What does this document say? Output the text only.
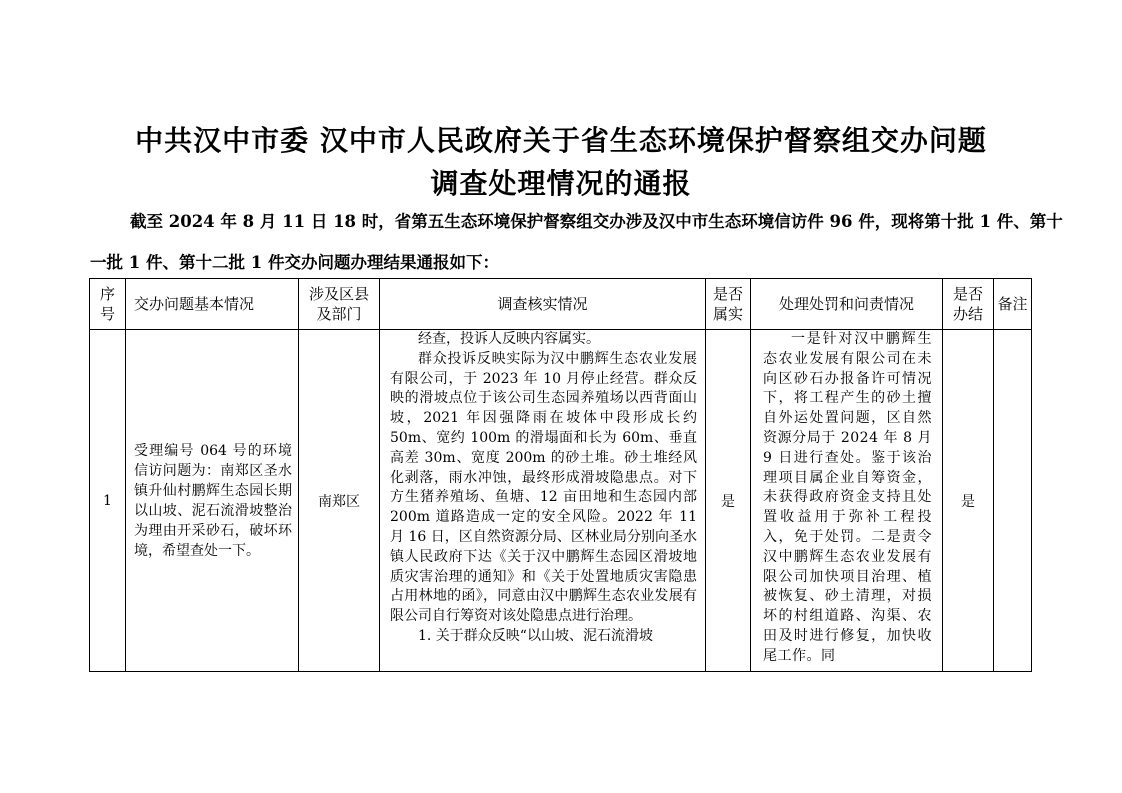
中共汉中市委 汉中市人民政府关于省生态环境保护督察组交办问题
调查处理情况的通报
截至 2024 年 8 月 11 日 18 时，省第五生态环境保护督察组交办涉及汉中市生态环境信访件 96 件，现将第十批 1 件、第十
一批 1 件、第十二批 1 件交办问题办理结果通报如下：
序号	交办问题基本情况	涉及区县及部门	调查核实情况	是否属实	处理处罚和问责情况	是否办结	备注
1	受理编号 064 号的环境信访问题为：南郑区圣水镇升仙村鹏辉生态园长期以山坡、泥石流滑坡整治为理由开采砂石，破坏环境，希望查处一下。	南郑区	经查，投诉人反映内容属实。

群众投诉反映实际为汉中鹏辉生态农业发展有限公司，于 2023 年 10 月停止经营。群众反映的滑坡点位于该公司生态园养殖场以西背面山坡，2021 年因强降雨在坡体中段形成长约 50m、宽约 100m 的滑塌面和长为 60m、垂直高差 30m、宽度 200m 的砂土堆。砂土堆经风化剥落，雨水冲蚀，最终形成滑坡隐患点。对下方生猪养殖场、鱼塘、12 亩田地和生态园内部 200m 道路造成一定的安全风险。2022 年 11 月 16 日，区自然资源分局、区林业局分别向圣水镇人民政府下达《关于汉中鹏辉生态园区滑坡地质灾害治理的通知》和《关于处置地质灾害隐患占用林地的函》，同意由汉中鹏辉生态农业发展有限公司自行筹资对该处隐患点进行治理。

1. 关于群众反映“以山坡、泥石流滑坡	是	一是针对汉中鹏辉生态农业发展有限公司在未向区砂石办报备许可情况下，将工程产生的砂土擅自外运处置问题，区自然资源分局于 2024 年 8 月 9 日进行查处。鉴于该治理项目属企业自筹资金，未获得政府资金支持且处置收益用于弥补工程投入，免于处罚。二是责令汉中鹏辉生态农业发展有限公司加快项目治理、植被恢复、砂土清理，对损坏的村组道路、沟渠、农田及时进行修复，加快收尾工作。同	是	
